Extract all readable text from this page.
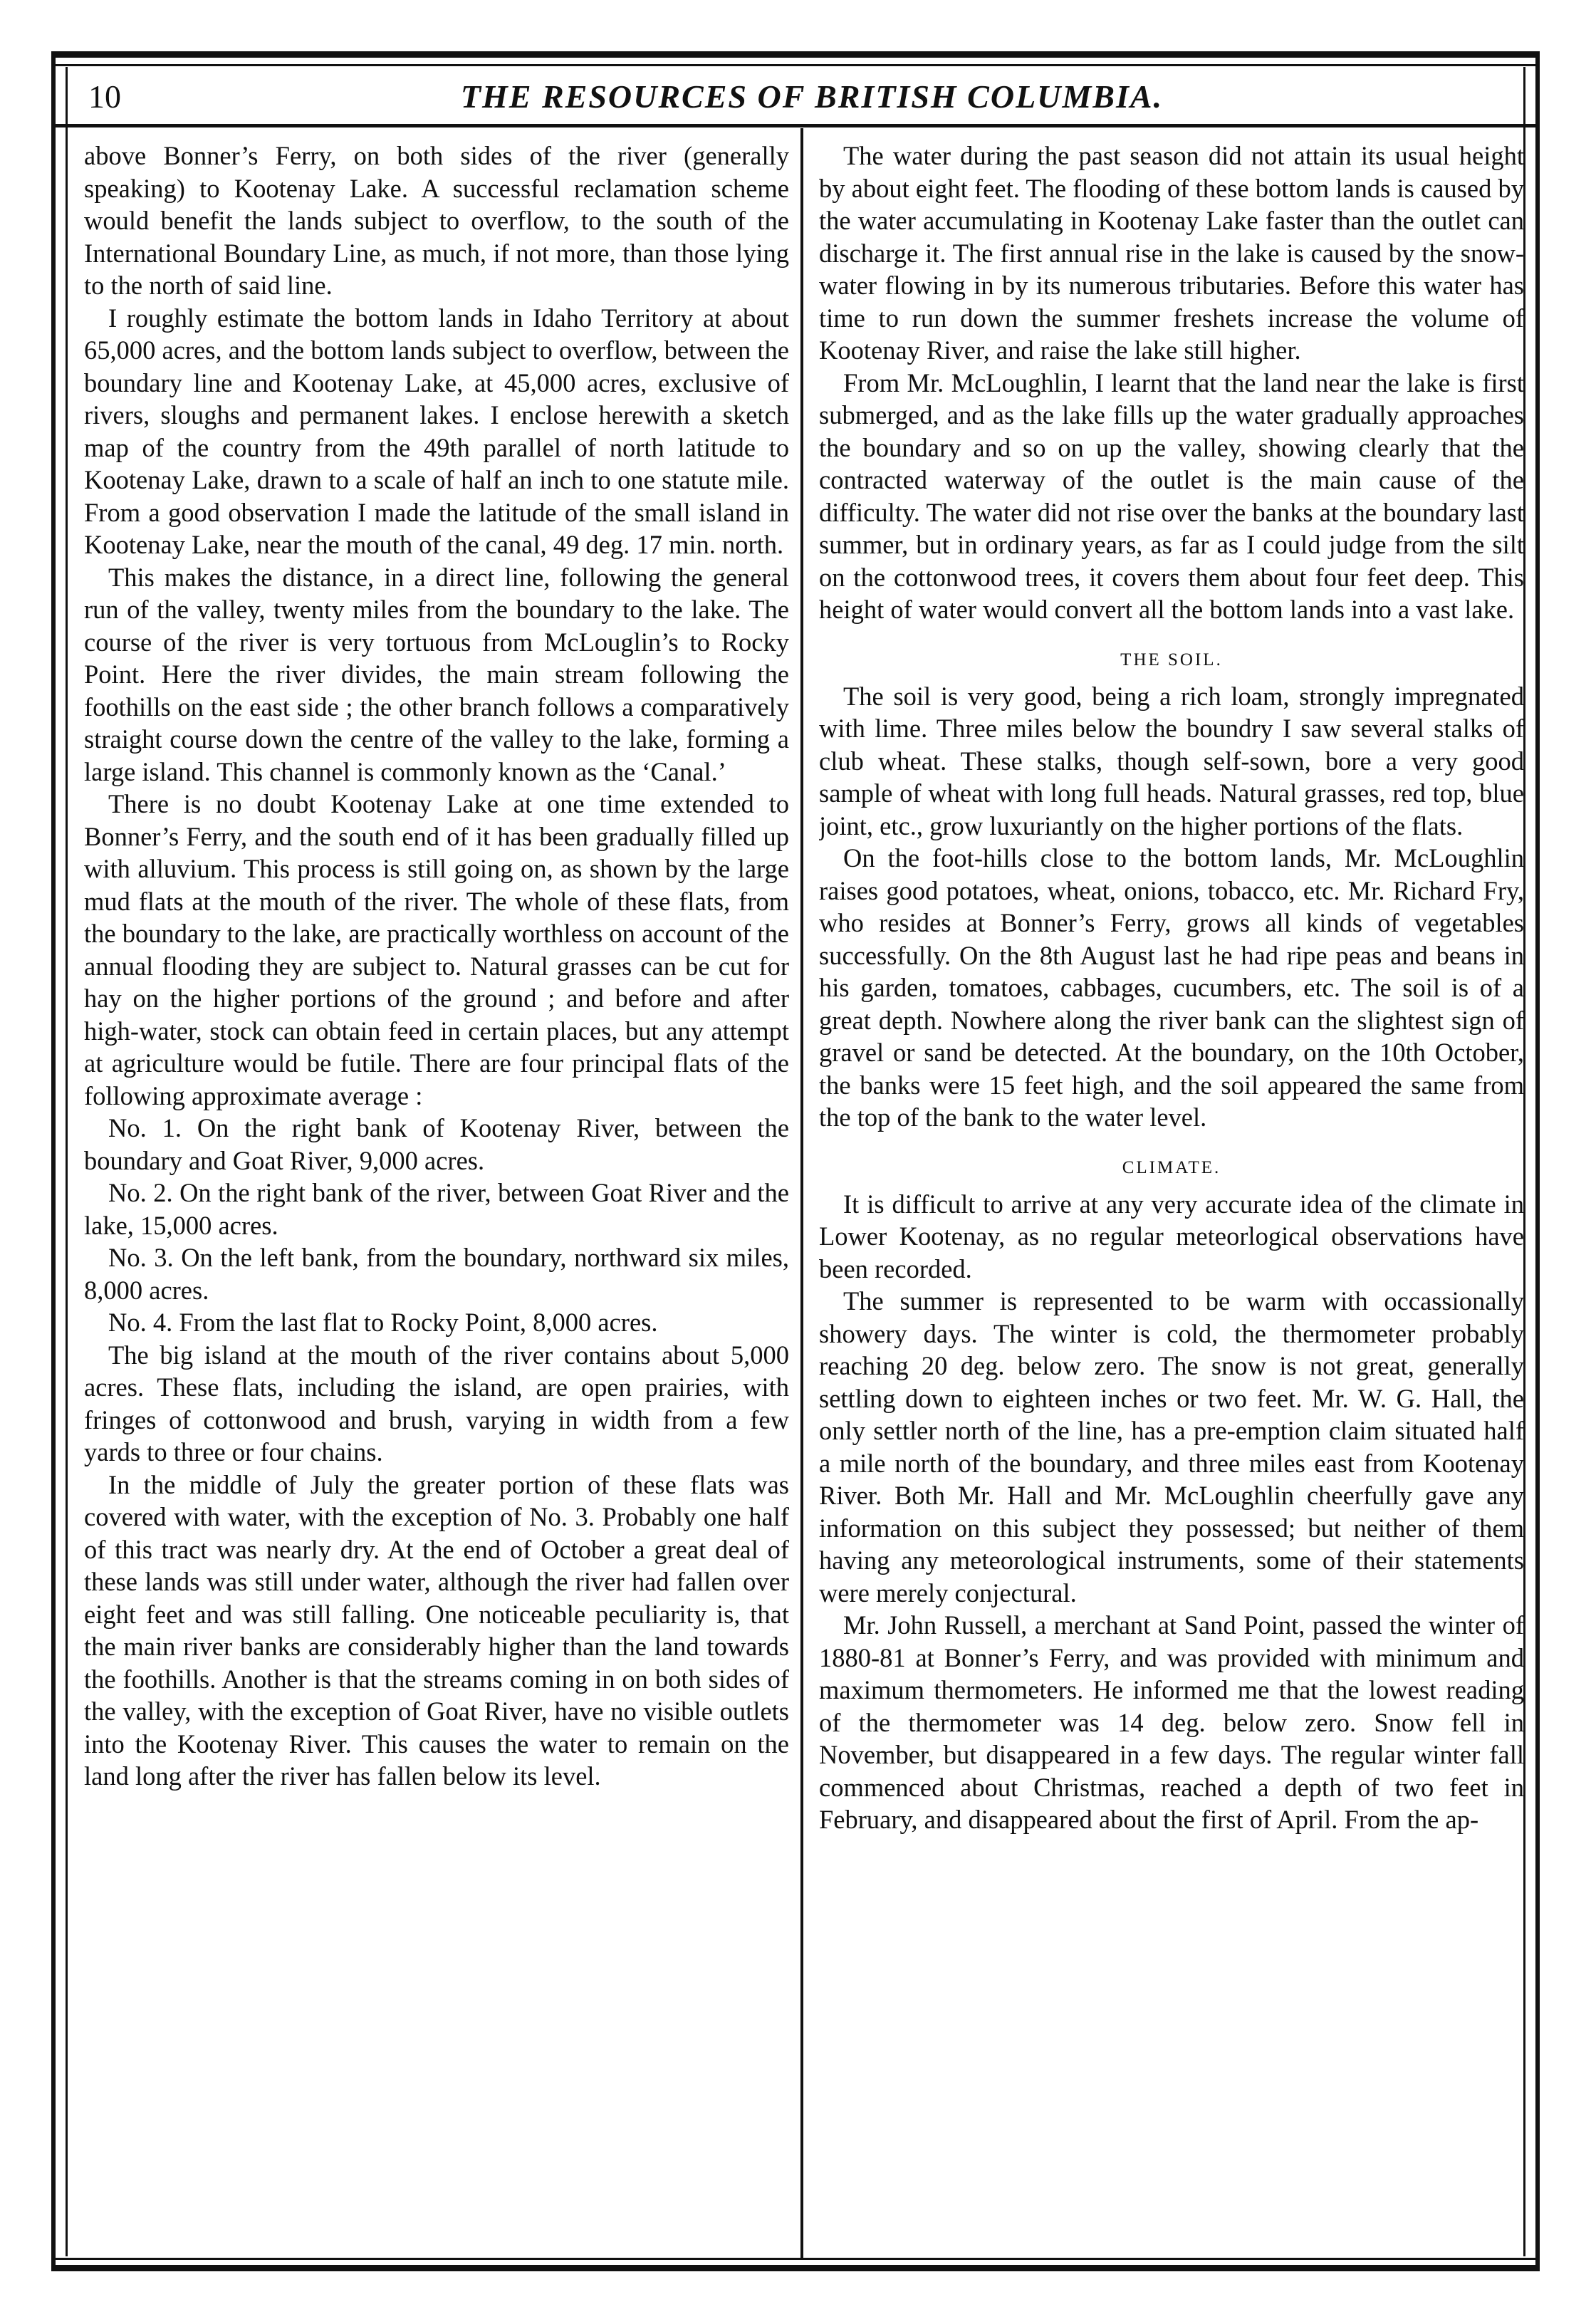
10	THE RESOURCES OF BRITISH COLUMBIA.

above Bonner’s Ferry, on both sides of the river (generally speaking) to Kootenay Lake. A successful reclamation scheme would benefit the lands subject to overflow, to the south of the International Boundary Line, as much, if not more, than those lying to the north of said line.

I roughly estimate the bottom lands in Idaho Territory at about 65,000 acres, and the bottom lands subject to overflow, between the boundary line and Kootenay Lake, at 45,000 acres, exclusive of rivers, sloughs and permanent lakes. I enclose herewith a sketch map of the country from the 49th parallel of north latitude to Kootenay Lake, drawn to a scale of half an inch to one statute mile. From a good observation I made the latitude of the small island in Kootenay Lake, near the mouth of the canal, 49 deg. 17 min. north.

This makes the distance, in a direct line, following the general run of the valley, twenty miles from the boundary to the lake. The course of the river is very tortuous from McLouglin’s to Rocky Point. Here the river divides, the main stream following the foothills on the east side ; the other branch follows a comparatively straight course down the centre of the valley to the lake, forming a large island. This channel is commonly known as the ‘Canal.’

There is no doubt Kootenay Lake at one time extended to Bonner’s Ferry, and the south end of it has been gradually filled up with alluvium. This process is still going on, as shown by the large mud flats at the mouth of the river. The whole of these flats, from the boundary to the lake, are practically worthless on account of the annual flooding they are subject to. Natural grasses can be cut for hay on the higher portions of the ground ; and before and after high-water, stock can obtain feed in certain places, but any attempt at agriculture would be futile. There are four principal flats of the following approximate average :

No. 1. On the right bank of Kootenay River, between the boundary and Goat River, 9,000 acres.

No. 2. On the right bank of the river, between Goat River and the lake, 15,000 acres.

No. 3. On the left bank, from the boundary, northward six miles, 8,000 acres.

No. 4. From the last flat to Rocky Point, 8,000 acres.

The big island at the mouth of the river contains about 5,000 acres. These flats, including the island, are open prairies, with fringes of cottonwood and brush, varying in width from a few yards to three or four chains.

In the middle of July the greater portion of these flats was covered with water, with the exception of No. 3. Probably one half of this tract was nearly dry. At the end of October a great deal of these lands was still under water, although the river had fallen over eight feet and was still falling. One noticeable peculiarity is, that the main river banks are considerably higher than the land towards the foothills. Another is that the streams coming in on both sides of the valley, with the exception of Goat River, have no visible outlets into the Kootenay River. This causes the water to remain on the land long after the river has fallen below its level.

The water during the past season did not attain its usual height by about eight feet. The flooding of these bottom lands is caused by the water accumulating in Kootenay Lake faster than the outlet can discharge it. The first annual rise in the lake is caused by the snow-water flowing in by its numerous tributaries. Before this water has time to run down the summer freshets increase the volume of Kootenay River, and raise the lake still higher.

From Mr. McLoughlin, I learnt that the land near the lake is first submerged, and as the lake fills up the water gradually approaches the boundary and so on up the valley, showing clearly that the contracted waterway of the outlet is the main cause of the difficulty. The water did not rise over the banks at the boundary last summer, but in ordinary years, as far as I could judge from the silt on the cottonwood trees, it covers them about four feet deep. This height of water would convert all the bottom lands into a vast lake.

THE SOIL.

The soil is very good, being a rich loam, strongly impregnated with lime. Three miles below the boundry I saw several stalks of club wheat. These stalks, though self-sown, bore a very good sample of wheat with long full heads. Natural grasses, red top, blue joint, etc., grow luxuriantly on the higher portions of the flats.

On the foot-hills close to the bottom lands, Mr. McLoughlin raises good potatoes, wheat, onions, tobacco, etc. Mr. Richard Fry, who resides at Bonner’s Ferry, grows all kinds of vegetables successfully. On the 8th August last he had ripe peas and beans in his garden, tomatoes, cabbages, cucumbers, etc. The soil is of a great depth. Nowhere along the river bank can the slightest sign of gravel or sand be detected. At the boundary, on the 10th October, the banks were 15 feet high, and the soil appeared the same from the top of the bank to the water level.

CLIMATE.

It is difficult to arrive at any very accurate idea of the climate in Lower Kootenay, as no regular meteorlogical observations have been recorded.

The summer is represented to be warm with occassionally showery days. The winter is cold, the thermometer probably reaching 20 deg. below zero. The snow is not great, generally settling down to eighteen inches or two feet. Mr. W. G. Hall, the only settler north of the line, has a pre-emption claim situated half a mile north of the boundary, and three miles east from Kootenay River. Both Mr. Hall and Mr. McLoughlin cheerfully gave any information on this subject they possessed; but neither of them having any meteorological instruments, some of their statements were merely conjectural.

Mr. John Russell, a merchant at Sand Point, passed the winter of 1880-81 at Bonner’s Ferry, and was provided with minimum and maximum thermometers. He informed me that the lowest reading of the thermometer was 14 deg. below zero. Snow fell in November, but disappeared in a few days. The regular winter fall commenced about Christmas, reached a depth of two feet in February, and disappeared about the first of April. From the ap-
